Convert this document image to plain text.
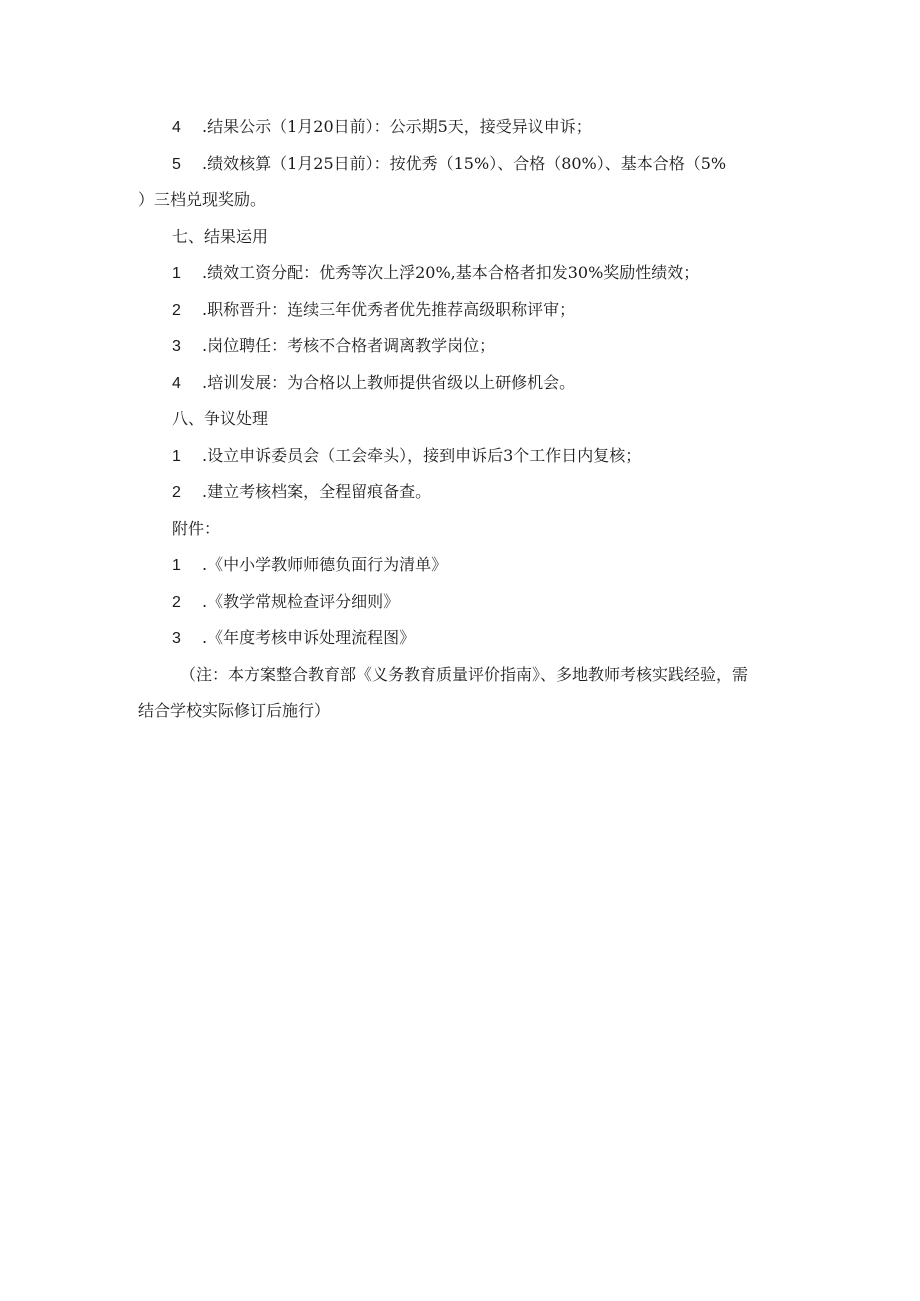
4 .结果公示（1月20日前）：公示期5天，接受异议申诉；
5 .绩效核算（1月25日前）：按优秀（15%）、合格（80%）、基本合格（5%
）三档兑现奖励。
七、结果运用
1 .绩效工资分配：优秀等次上浮20%,基本合格者扣发30%奖励性绩效；
2 .职称晋升：连续三年优秀者优先推荐高级职称评审；
3 .岗位聘任：考核不合格者调离教学岗位；
4 .培训发展：为合格以上教师提供省级以上研修机会。
八、争议处理
1 .设立申诉委员会（工会牵头），接到申诉后3个工作日内复核；
2 .建立考核档案，全程留痕备查。
附件：
1 .《中小学教师师德负面行为清单》
2 .《教学常规检查评分细则》
3 .《年度考核申诉处理流程图》
（注：本方案整合教育部《义务教育质量评价指南》、多地教师考核实践经验，需
结合学校实际修订后施行）
